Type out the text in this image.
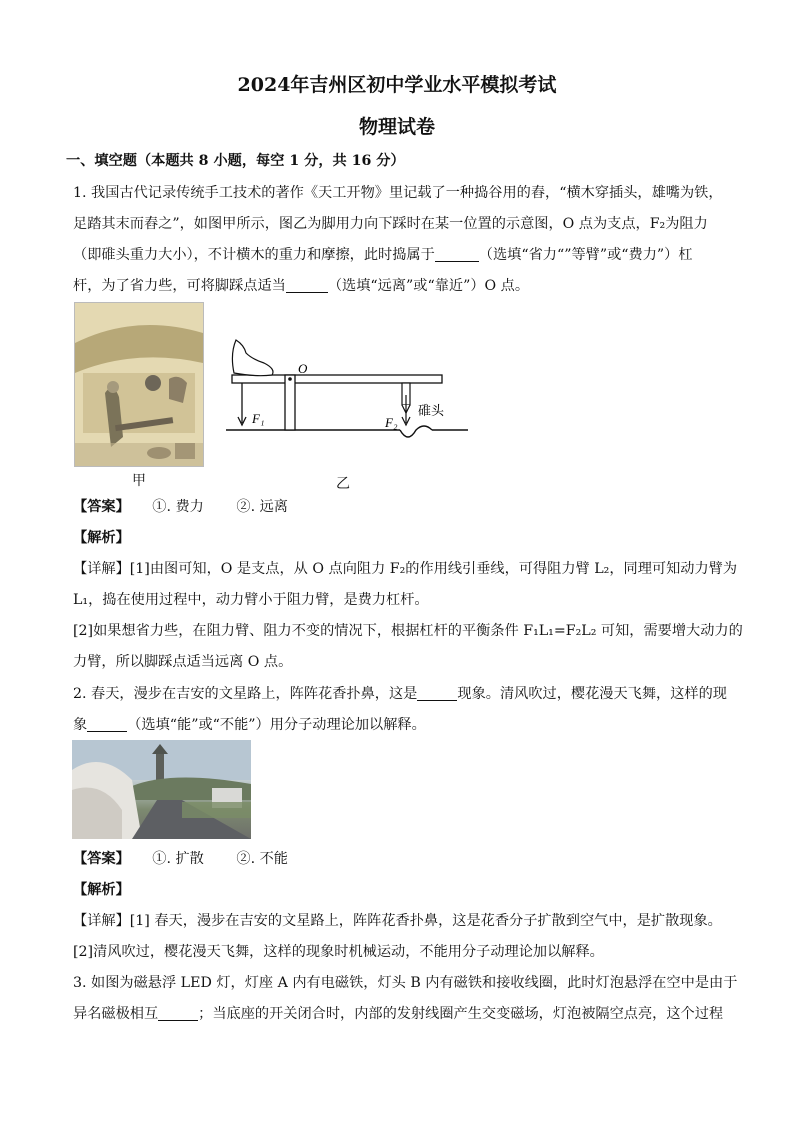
2024年吉州区初中学业水平模拟考试
物理试卷
一、填空题（本题共 8 小题，每空 1 分，共 16 分）
1. 我国古代记录传统手工技术的著作《天工开物》里记载了一种捣谷用的舂，“横木穿插头，雄嘴为铁，
足踏其末而舂之”，如图甲所示，图乙为脚用力向下踩时在某一位置的示意图，O 点为支点，F₂为阻力
（即碓头重力大小），不计横木的重力和摩擦，此时捣属于	（选填“省力“”等臂”或“费力”）杠
杆，为了省力些，可将脚踩点适当	（选填“远离”或“靠近”）O 点。
O
F₁	F₂
碓头
甲	乙
【答案】 ①. 费力 ②. 远离
【解析】
【详解】[1]由图可知，O 是支点，从 O 点向阻力 F₂的作用线引垂线，可得阻力臂 L₂，同理可知动力臂为
L₁，捣在使用过程中，动力臂小于阻力臂，是费力杠杆。
[2]如果想省力些，在阻力臂、阻力不变的情况下，根据杠杆的平衡条件 F₁L₁=F₂L₂ 可知，需要增大动力的
力臂，所以脚踩点适当远离 O 点。
2. 春天，漫步在吉安的文星路上，阵阵花香扑鼻，这是	现象。清风吹过，樱花漫天飞舞，这样的现
象	（选填“能”或“不能”）用分子动理论加以解释。
【答案】 ①. 扩散 ②. 不能
【解析】
【详解】[1] 春天，漫步在吉安的文星路上，阵阵花香扑鼻，这是花香分子扩散到空气中，是扩散现象。
[2]清风吹过，樱花漫天飞舞，这样的现象时机械运动，不能用分子动理论加以解释。
3. 如图为磁悬浮 LED 灯，灯座 A 内有电磁铁，灯头 B 内有磁铁和接收线圈，此时灯泡悬浮在空中是由于
异名磁极相互	；当底座的开关闭合时，内部的发射线圈产生交变磁场，灯泡被隔空点亮，这个过程
